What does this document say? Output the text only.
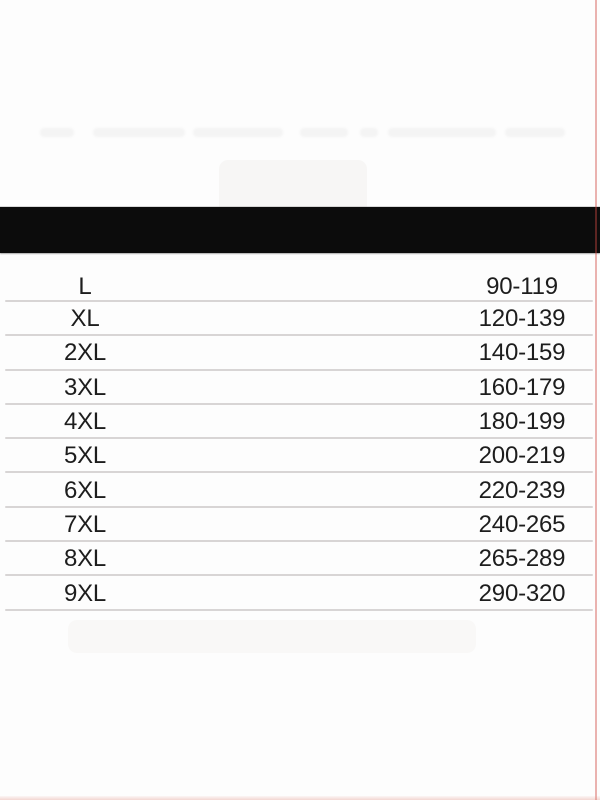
L	90-119
XL	120-139
2XL	140-159
3XL	160-179
4XL	180-199
5XL	200-219
6XL	220-239
7XL	240-265
8XL	265-289
9XL	290-320
